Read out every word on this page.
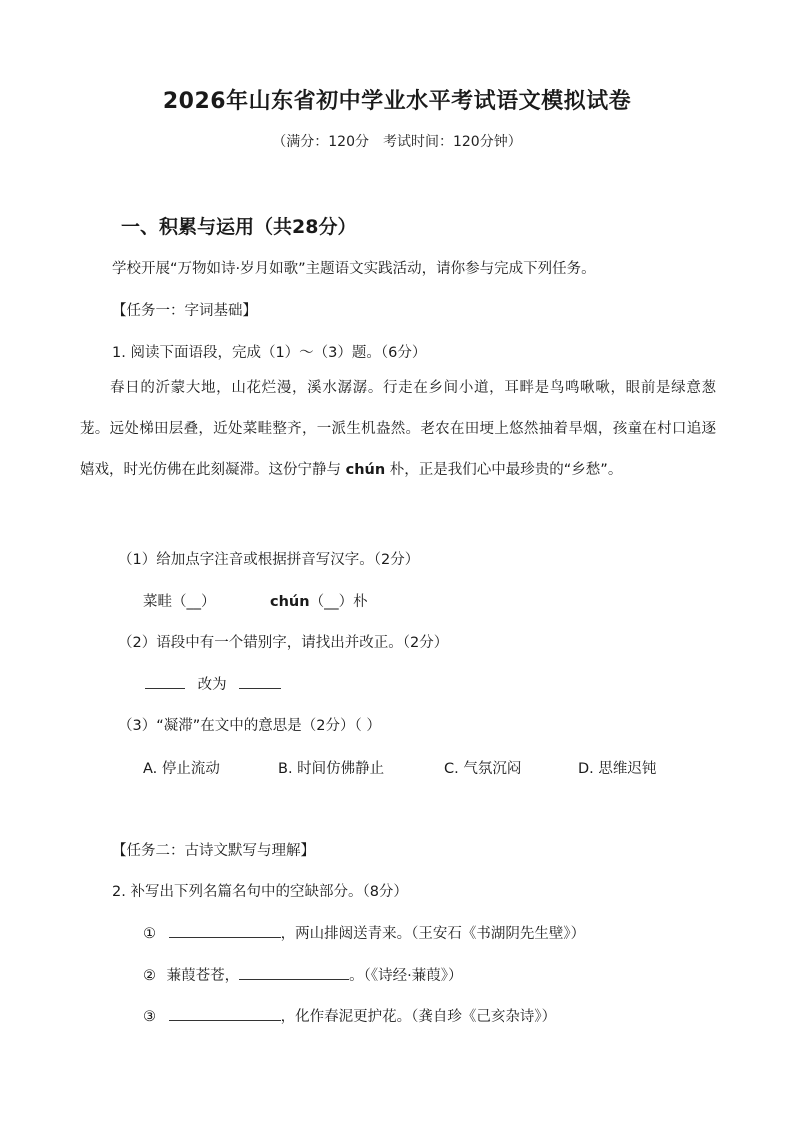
2026年山东省初中学业水平考试语文模拟试卷
（满分：120分　考试时间：120分钟）
一、积累与运用（共28分）
学校开展“万物如诗·岁月如歌”主题语文实践活动，请你参与完成下列任务。
【任务一：字词基础】
1. 阅读下面语段，完成（1）～（3）题。（6分）
春日的沂蒙大地，山花烂漫，溪水潺潺。行走在乡间小道，耳畔是鸟鸣啾啾，眼前是绿意葱茏。远处梯田层叠，近处菜畦整齐，一派生机盎然。老农在田埂上悠然抽着旱烟，孩童在村口追逐嬉戏，时光仿佛在此刻凝滞。这份宁静与 chún 朴，正是我们心中最珍贵的“乡愁”。
（1）给加点字注音或根据拼音写汉字。（2分）
菜畦（__）	chún（__）朴
（2）语段中有一个错别字，请找出并改正。（2分）
改为
（3）“凝滞”在文中的意思是（2分）（ ）
A. 停止流动	B. 时间仿佛静止	C. 气氛沉闷	D. 思维迟钝
【任务二：古诗文默写与理解】
2. 补写出下列名篇名句中的空缺部分。（8分）
①	，两山排闼送青来。（王安石《书湖阴先生壁》）
② 蒹葭苍苍，	。（《诗经·蒹葭》）
③	，化作春泥更护花。（龚自珍《己亥杂诗》）
